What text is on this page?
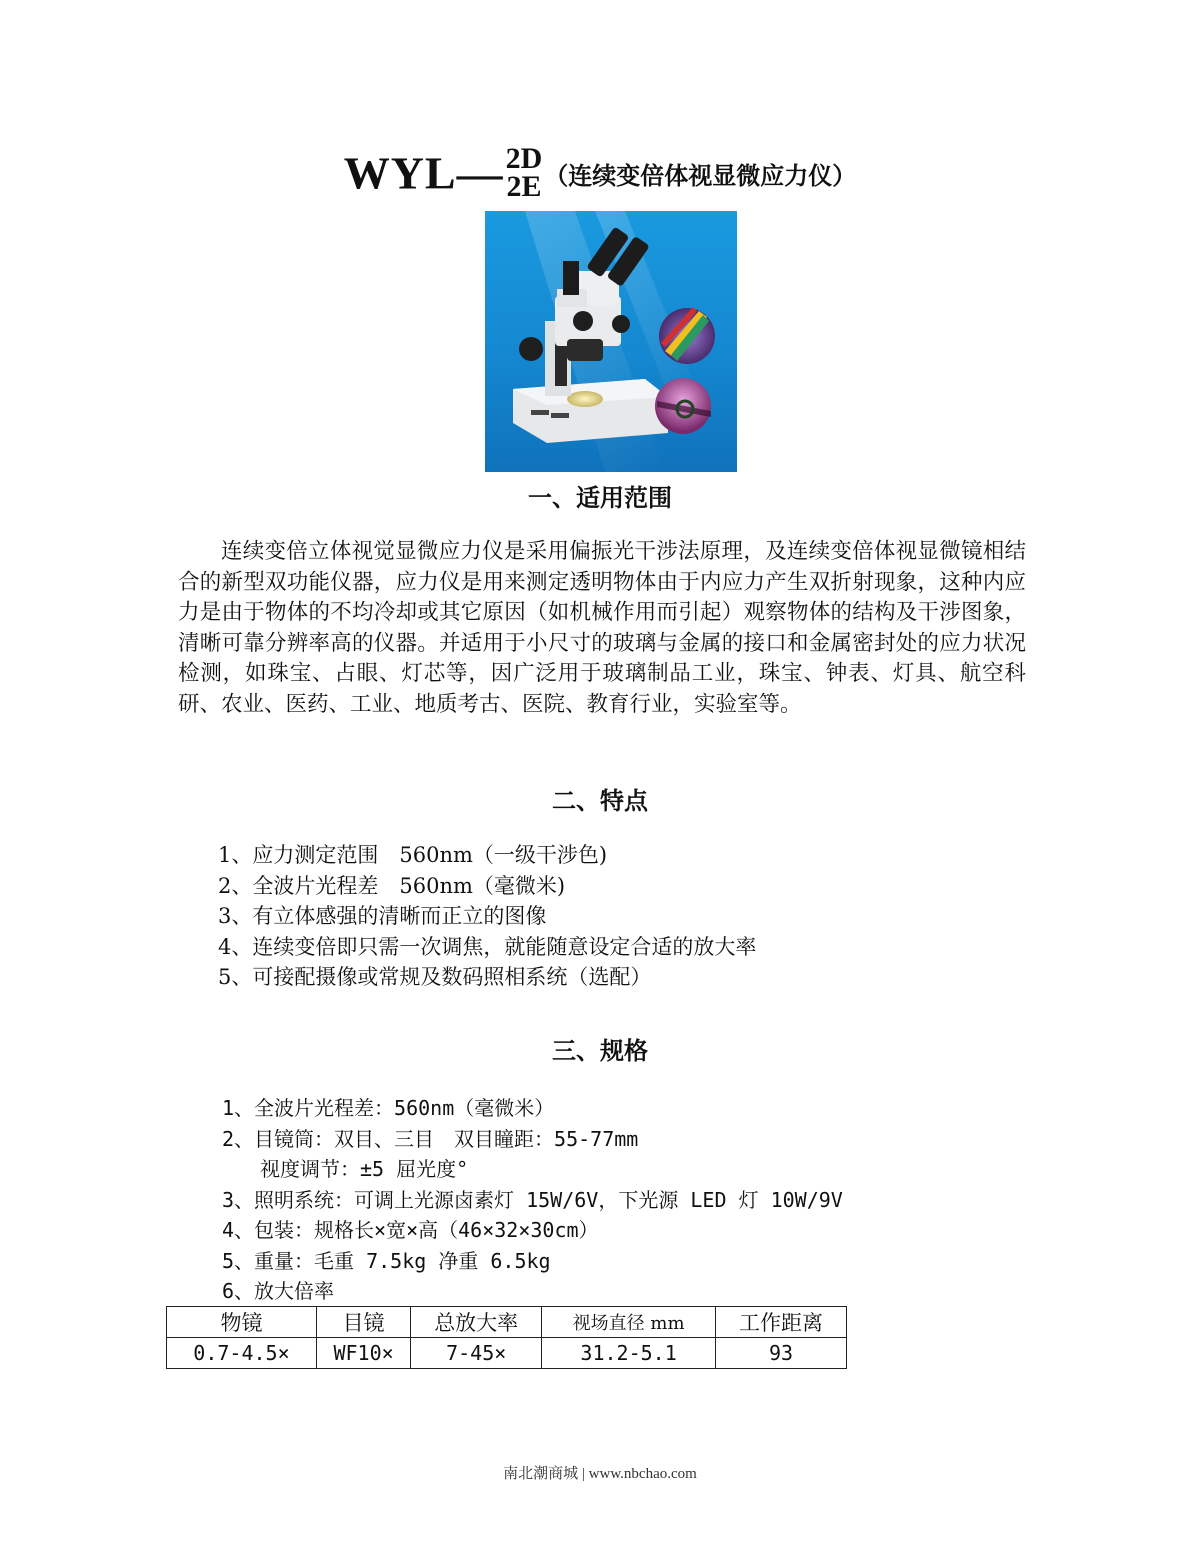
WYL— 2D
2E （连续变倍体视显微应力仪）
一、适用范围
连续变倍立体视觉显微应力仪是采用偏振光干涉法原理，及连续变倍体视显微镜相结合的新型双功能仪器，应力仪是用来测定透明物体由于内应力产生双折射现象，这种内应力是由于物体的不均冷却或其它原因（如机械作用而引起）观察物体的结构及干涉图象，清晰可靠分辨率高的仪器。并适用于小尺寸的玻璃与金属的接口和金属密封处的应力状况检测，如珠宝、占眼、灯芯等，因广泛用于玻璃制品工业，珠宝、钟表、灯具、航空科研、农业、医药、工业、地质考古、医院、教育行业，实验室等。
二、特点
1、应力测定范围　560nm（一级干涉色)
2、全波片光程差　560nm（毫微米)
3、有立体感强的清晰而正立的图像
4、连续变倍即只需一次调焦，就能随意设定合适的放大率
5、可接配摄像或常规及数码照相系统（选配）
三、规格
1、全波片光程差：560nm（毫微米）
2、目镜筒：双目、三目　双目瞳距：55-77mm
视度调节：±5 屈光度°
3、照明系统：可调上光源卤素灯 15W/6V，下光源 LED 灯 10W/9V
4、包装：规格长×宽×高（46×32×30cm）
5、重量：毛重 7.5kg 净重 6.5kg
6、放大倍率
物镜	目镜	总放大率	视场直径 mm	工作距离
0.7-4.5×	WF10×	7-45×	31.2-5.1	93
南北潮商城 | www.nbchao.com
